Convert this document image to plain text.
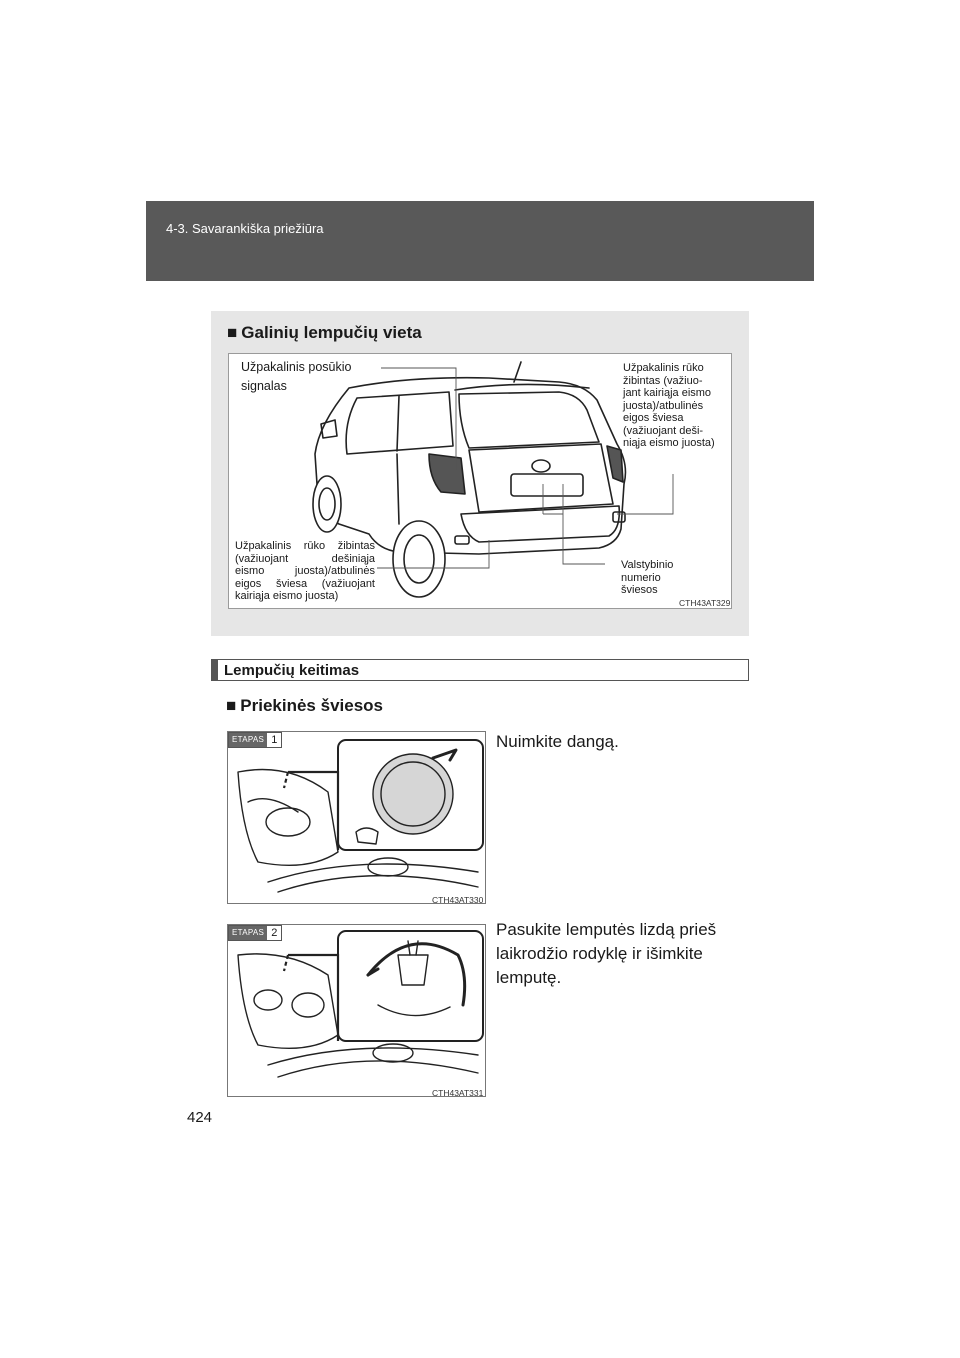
4-3. Savarankiška priežiūra
■ Galinių lempučių vieta
Užpakalinis posūkio
signalas
Užpakalinis rūko
žibintas (važiuo-
jant kairiąja eismo
juosta)/atbulinės
eigos šviesa
(važiuojant deši-
niąja eismo juosta)
Užpakalinis rūko žibintas
(važiuojant dešiniąja
eismo juosta)/atbulinės
eigos šviesa (važiuojant
kairiąja eismo juosta)
Valstybinio
numerio
šviesos
CTH43AT329
Lempučių keitimas
■ Priekinės šviesos
ETAPAS 1
CTH43AT330
Nuimkite dangą.
ETAPAS 2
CTH43AT331
Pasukite lemputės lizdą prieš
laikrodžio rodyklę ir išimkite
lemputę.
424
